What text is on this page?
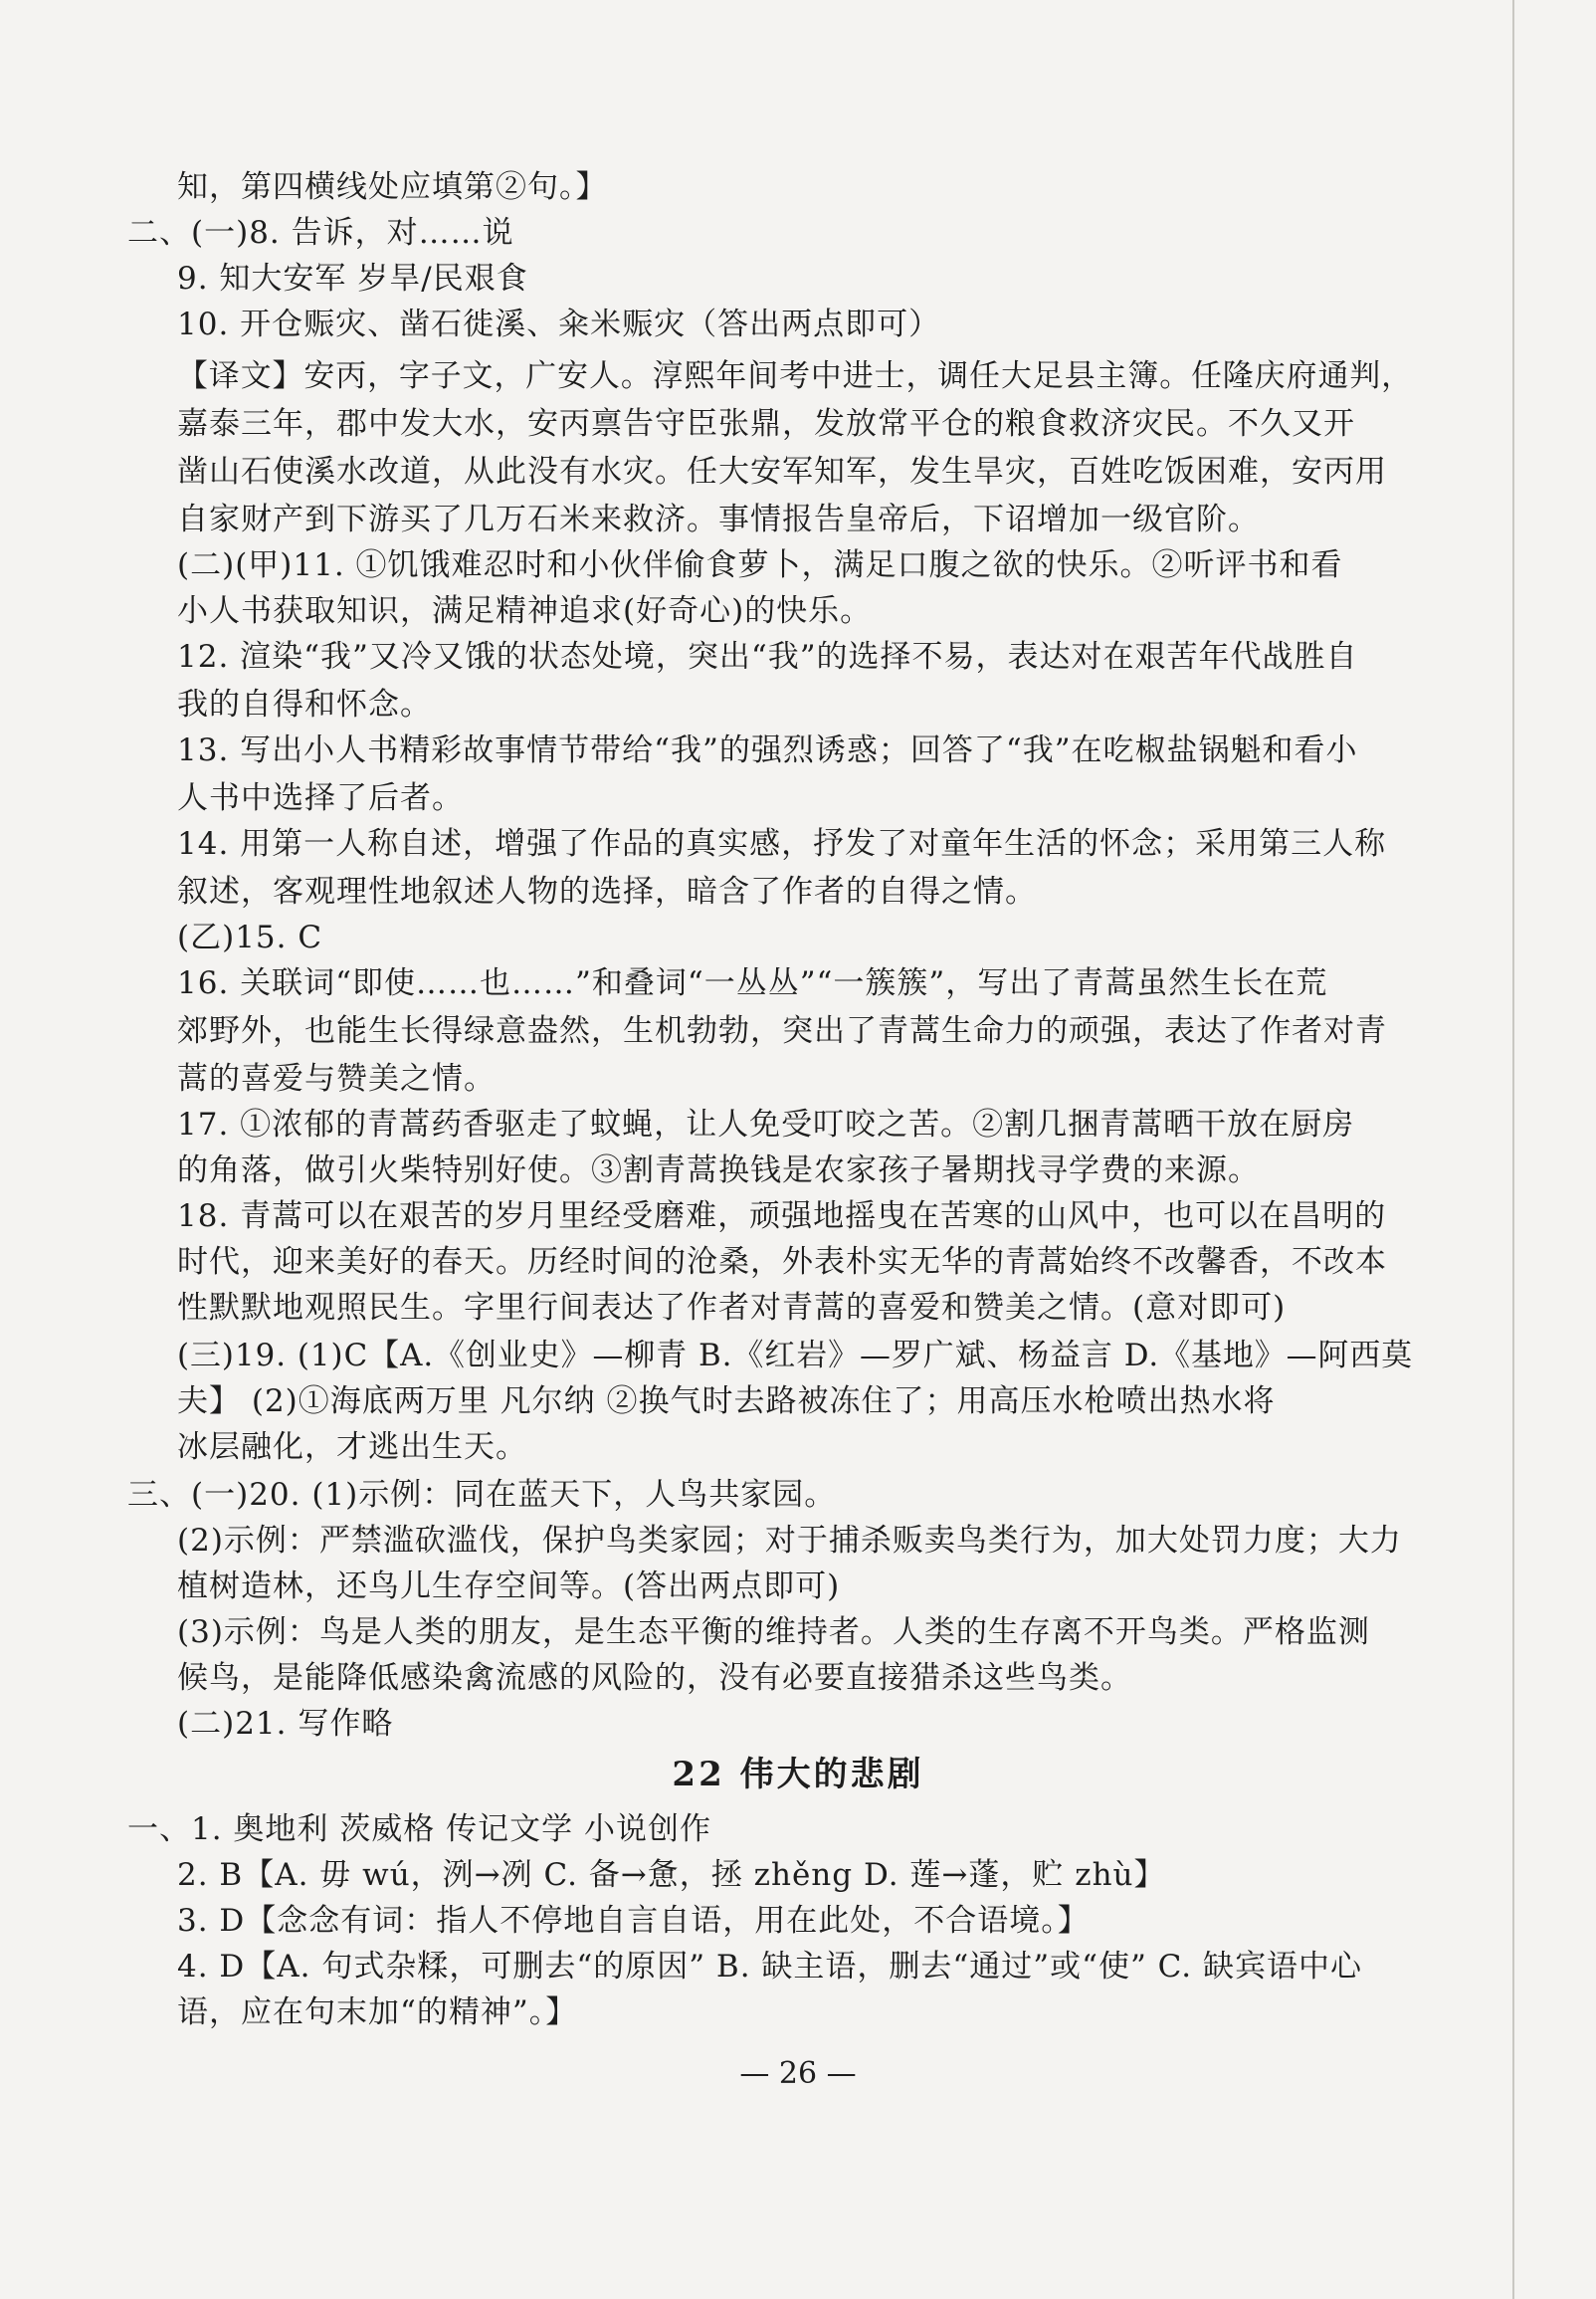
知，第四横线处应填第②句。】
二、(一)8. 告诉，对……说
9. 知大安军 岁旱/民艰食
10. 开仓赈灾、凿石徙溪、籴米赈灾（答出两点即可）
【译文】安丙，字子文，广安人。淳熙年间考中进士，调任大足县主簿。任隆庆府通判，
嘉泰三年，郡中发大水，安丙禀告守臣张鼎，发放常平仓的粮食救济灾民。不久又开
凿山石使溪水改道，从此没有水灾。任大安军知军，发生旱灾，百姓吃饭困难，安丙用
自家财产到下游买了几万石米来救济。事情报告皇帝后，下诏增加一级官阶。
(二)(甲)11. ①饥饿难忍时和小伙伴偷食萝卜，满足口腹之欲的快乐。②听评书和看
小人书获取知识，满足精神追求(好奇心)的快乐。
12. 渲染“我”又冷又饿的状态处境，突出“我”的选择不易，表达对在艰苦年代战胜自
我的自得和怀念。
13. 写出小人书精彩故事情节带给“我”的强烈诱惑；回答了“我”在吃椒盐锅魁和看小
人书中选择了后者。
14. 用第一人称自述，增强了作品的真实感，抒发了对童年生活的怀念；采用第三人称
叙述，客观理性地叙述人物的选择，暗含了作者的自得之情。
(乙)15. C
16. 关联词“即使……也……”和叠词“一丛丛”“一簇簇”，写出了青蒿虽然生长在荒
郊野外，也能生长得绿意盎然，生机勃勃，突出了青蒿生命力的顽强，表达了作者对青
蒿的喜爱与赞美之情。
17. ①浓郁的青蒿药香驱走了蚊蝇，让人免受叮咬之苦。②割几捆青蒿晒干放在厨房
的角落，做引火柴特别好使。③割青蒿换钱是农家孩子暑期找寻学费的来源。
18. 青蒿可以在艰苦的岁月里经受磨难，顽强地摇曳在苦寒的山风中，也可以在昌明的
时代，迎来美好的春天。历经时间的沧桑，外表朴实无华的青蒿始终不改馨香，不改本
性默默地观照民生。字里行间表达了作者对青蒿的喜爱和赞美之情。(意对即可)
(三)19. (1)C【A.《创业史》—柳青 B.《红岩》—罗广斌、杨益言 D.《基地》—阿西莫
夫】 (2)①海底两万里 凡尔纳 ②换气时去路被冻住了；用高压水枪喷出热水将
冰层融化，才逃出生天。
三、(一)20. (1)示例：同在蓝天下，人鸟共家园。
(2)示例：严禁滥砍滥伐，保护鸟类家园；对于捕杀贩卖鸟类行为，加大处罚力度；大力
植树造林，还鸟儿生存空间等。(答出两点即可)
(3)示例：鸟是人类的朋友，是生态平衡的维持者。人类的生存离不开鸟类。严格监测
候鸟，是能降低感染禽流感的风险的，没有必要直接猎杀这些鸟类。
(二)21. 写作略
22 伟大的悲剧
一、1. 奥地利 茨威格 传记文学 小说创作
2. B【A. 毋 wú，洌→冽 C. 备→惫，拯 zhěng D. 莲→蓬，贮 zhù】
3. D【念念有词：指人不停地自言自语，用在此处，不合语境。】
4. D【A. 句式杂糅，可删去“的原因” B. 缺主语，删去“通过”或“使” C. 缺宾语中心
语，应在句末加“的精神”。】
— 26 —
